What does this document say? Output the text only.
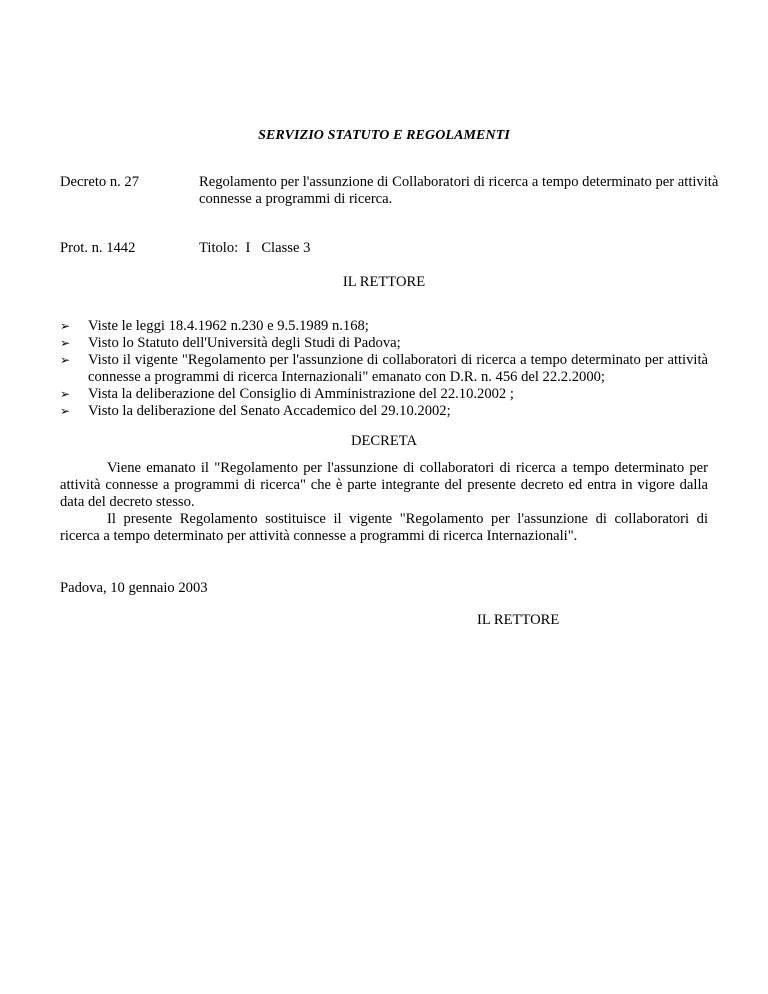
SERVIZIO STATUTO E REGOLAMENTI
Decreto n. 27	Regolamento per l'assunzione di Collaboratori di ricerca a tempo determinato per attività connesse a programmi di ricerca.
Prot. n. 1442	Titolo:  I   Classe 3
IL RETTORE
➢ Viste le leggi 18.4.1962 n.230 e 9.5.1989 n.168;
➢ Visto lo Statuto dell'Università degli Studi di Padova;
➢ Visto il vigente "Regolamento per l'assunzione di collaboratori di ricerca a tempo determinato per attività connesse a programmi di ricerca Internazionali" emanato con D.R. n. 456 del 22.2.2000;
➢ Vista la deliberazione del Consiglio di Amministrazione del 22.10.2002 ;
➢ Visto la deliberazione del Senato Accademico del 29.10.2002;
DECRETA

Viene emanato il "Regolamento per l'assunzione di collaboratori di ricerca a tempo determinato per attività connesse a programmi di ricerca" che è parte integrante del presente decreto ed entra in vigore dalla data del decreto stesso.

Il presente Regolamento sostituisce il vigente "Regolamento per l'assunzione di collaboratori di ricerca a tempo determinato per attività connesse a programmi di ricerca Internazionali".

Padova, 10 gennaio 2003
IL RETTORE
